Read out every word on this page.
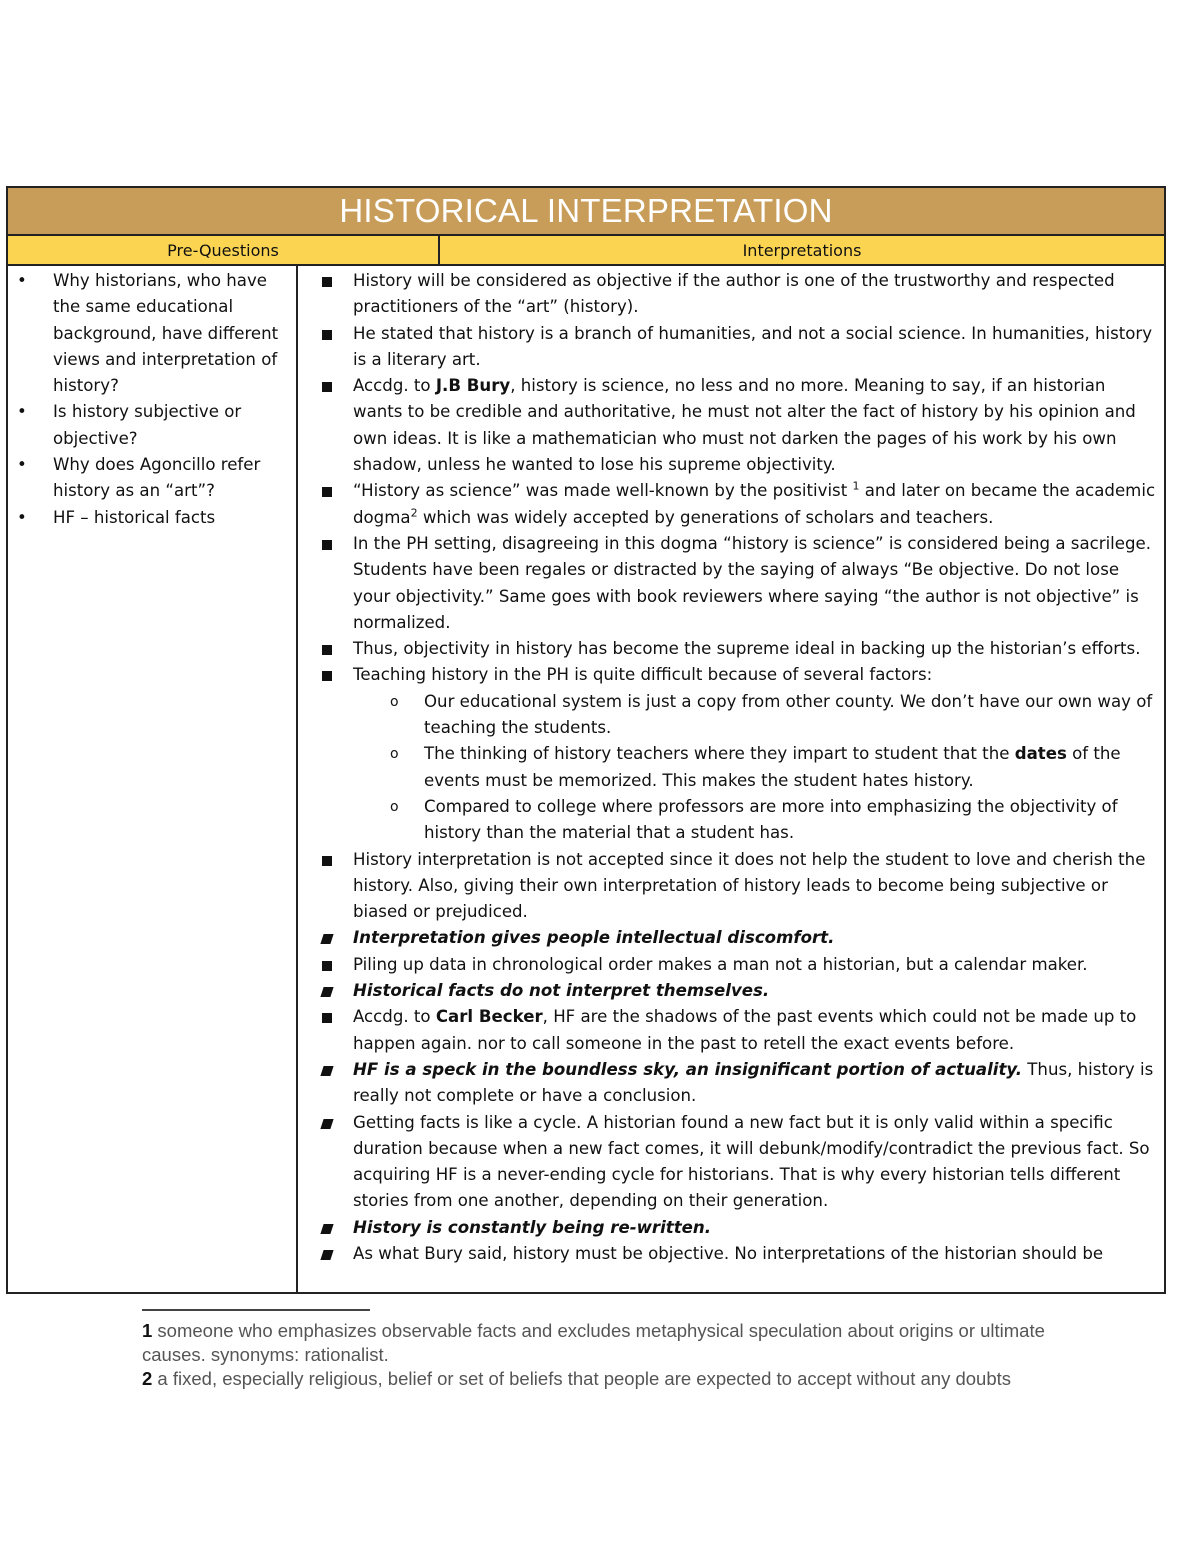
HISTORICAL INTERPRETATION
Pre-Questions	Interpretations
• Why historians, who have the same educational background, have different views and interpretation of history?
• Is history subjective or objective?
• Why does Agoncillo refer history as an “art”?
• HF – historical facts
History will be considered as objective if the author is one of the trustworthy and respected practitioners of the “art” (history).
He stated that history is a branch of humanities, and not a social science. In humanities, history is a literary art.
Accdg. to J.B Bury, history is science, no less and no more. Meaning to say, if an historian wants to be credible and authoritative, he must not alter the fact of history by his opinion and own ideas. It is like a mathematician who must not darken the pages of his work by his own shadow, unless he wanted to lose his supreme objectivity.
“History as science” was made well-known by the positivist $^1$ and later on became the academic dogma$^2$ which was widely accepted by generations of scholars and teachers.
In the PH setting, disagreeing in this dogma “history is science” is considered being a sacrilege. Students have been regales or distracted by the saying of always “Be objective. Do not lose your objectivity.” Same goes with book reviewers where saying “the author is not objective” is normalized.
Thus, objectivity in history has become the supreme ideal in backing up the historian’s efforts.
Teaching history in the PH is quite difficult because of several factors:
o Our educational system is just a copy from other county. We don’t have our own way of teaching the students.
o The thinking of history teachers where they impart to student that the dates of the events must be memorized. This makes the student hates history.
o Compared to college where professors are more into emphasizing the objectivity of history than the material that a student has.
History interpretation is not accepted since it does not help the student to love and cherish the history. Also, giving their own interpretation of history leads to become being subjective or biased or prejudiced.
Interpretation gives people intellectual discomfort.
Piling up data in chronological order makes a man not a historian, but a calendar maker.
Historical facts do not interpret themselves.
Accdg. to Carl Becker, HF are the shadows of the past events which could not be made up to happen again. nor to call someone in the past to retell the exact events before.
HF is a speck in the boundless sky, an insignificant portion of actuality. Thus, history is really not complete or have a conclusion.
Getting facts is like a cycle. A historian found a new fact but it is only valid within a specific duration because when a new fact comes, it will debunk/modify/contradict the previous fact. So acquiring HF is a never-ending cycle for historians. That is why every historian tells different stories from one another, depending on their generation.
History is constantly being re-written.
As what Bury said, history must be objective. No interpretations of the historian should be
1 someone who emphasizes observable facts and excludes metaphysical speculation about origins or ultimate causes. synonyms: rationalist.
2 a fixed, especially religious, belief or set of beliefs that people are expected to accept without any doubts
